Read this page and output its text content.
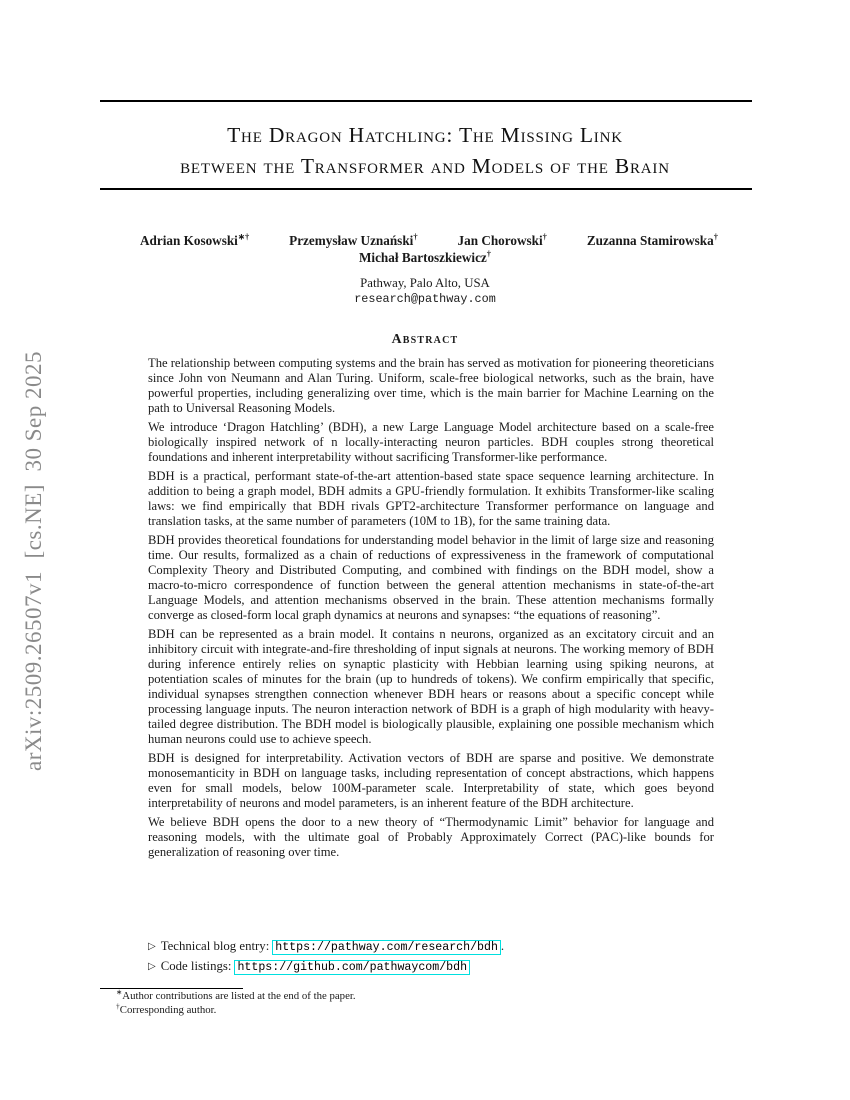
arXiv:2509.26507v1  [cs.NE]  30 Sep 2025
The Dragon Hatchling: The Missing Link
between the Transformer and Models of the Brain
Adrian Kosowski∗†	Przemysław Uznański†	Jan Chorowski†	Zuzanna Stamirowska†
Michał Bartoszkiewicz†
Pathway, Palo Alto, USA
research@pathway.com
Abstract

The relationship between computing systems and the brain has served as motivation for pioneering theoreticians since John von Neumann and Alan Turing. Uniform, scale-free biological networks, such as the brain, have powerful properties, including generalizing over time, which is the main barrier for Machine Learning on the path to Universal Reasoning Models.

We introduce ‘Dragon Hatchling’ (BDH), a new Large Language Model architecture based on a scale-free biologically inspired network of n locally-interacting neuron particles. BDH couples strong theoretical foundations and inherent interpretability without sacrificing Transformer-like performance.

BDH is a practical, performant state-of-the-art attention-based state space sequence learning architecture. In addition to being a graph model, BDH admits a GPU-friendly formulation. It exhibits Transformer-like scaling laws: we find empirically that BDH rivals GPT2-architecture Transformer performance on language and translation tasks, at the same number of parameters (10M to 1B), for the same training data.

BDH provides theoretical foundations for understanding model behavior in the limit of large size and reasoning time. Our results, formalized as a chain of reductions of expressiveness in the framework of computational Complexity Theory and Distributed Computing, and combined with findings on the BDH model, show a macro-to-micro correspondence of function between the general attention mechanisms in state-of-the-art Language Models, and attention mechanisms observed in the brain. These attention mechanisms formally converge as closed-form local graph dynamics at neurons and synapses: “the equations of reasoning”.

BDH can be represented as a brain model. It contains n neurons, organized as an excitatory circuit and an inhibitory circuit with integrate-and-fire thresholding of input signals at neurons. The working memory of BDH during inference entirely relies on synaptic plasticity with Hebbian learning using spiking neurons, at potentiation scales of minutes for the brain (up to hundreds of tokens). We confirm empirically that specific, individual synapses strengthen connection whenever BDH hears or reasons about a specific concept while processing language inputs. The neuron interaction network of BDH is a graph of high modularity with heavy-tailed degree distribution. The BDH model is biologically plausible, explaining one possible mechanism which human neurons could use to achieve speech.

BDH is designed for interpretability. Activation vectors of BDH are sparse and positive. We demonstrate monosemanticity in BDH on language tasks, including representation of concept abstractions, which happens even for small models, below 100M-parameter scale. Interpretability of state, which goes beyond interpretability of neurons and model parameters, is an inherent feature of the BDH architecture.

We believe BDH opens the door to a new theory of “Thermodynamic Limit” behavior for language and reasoning models, with the ultimate goal of Probably Approximately Correct (PAC)-like bounds for generalization of reasoning over time.

▷ Technical blog entry: https://pathway.com/research/bdh .
▷ Code listings: https://github.com/pathwaycom/bdh
∗Author contributions are listed at the end of the paper.
†Corresponding author.
